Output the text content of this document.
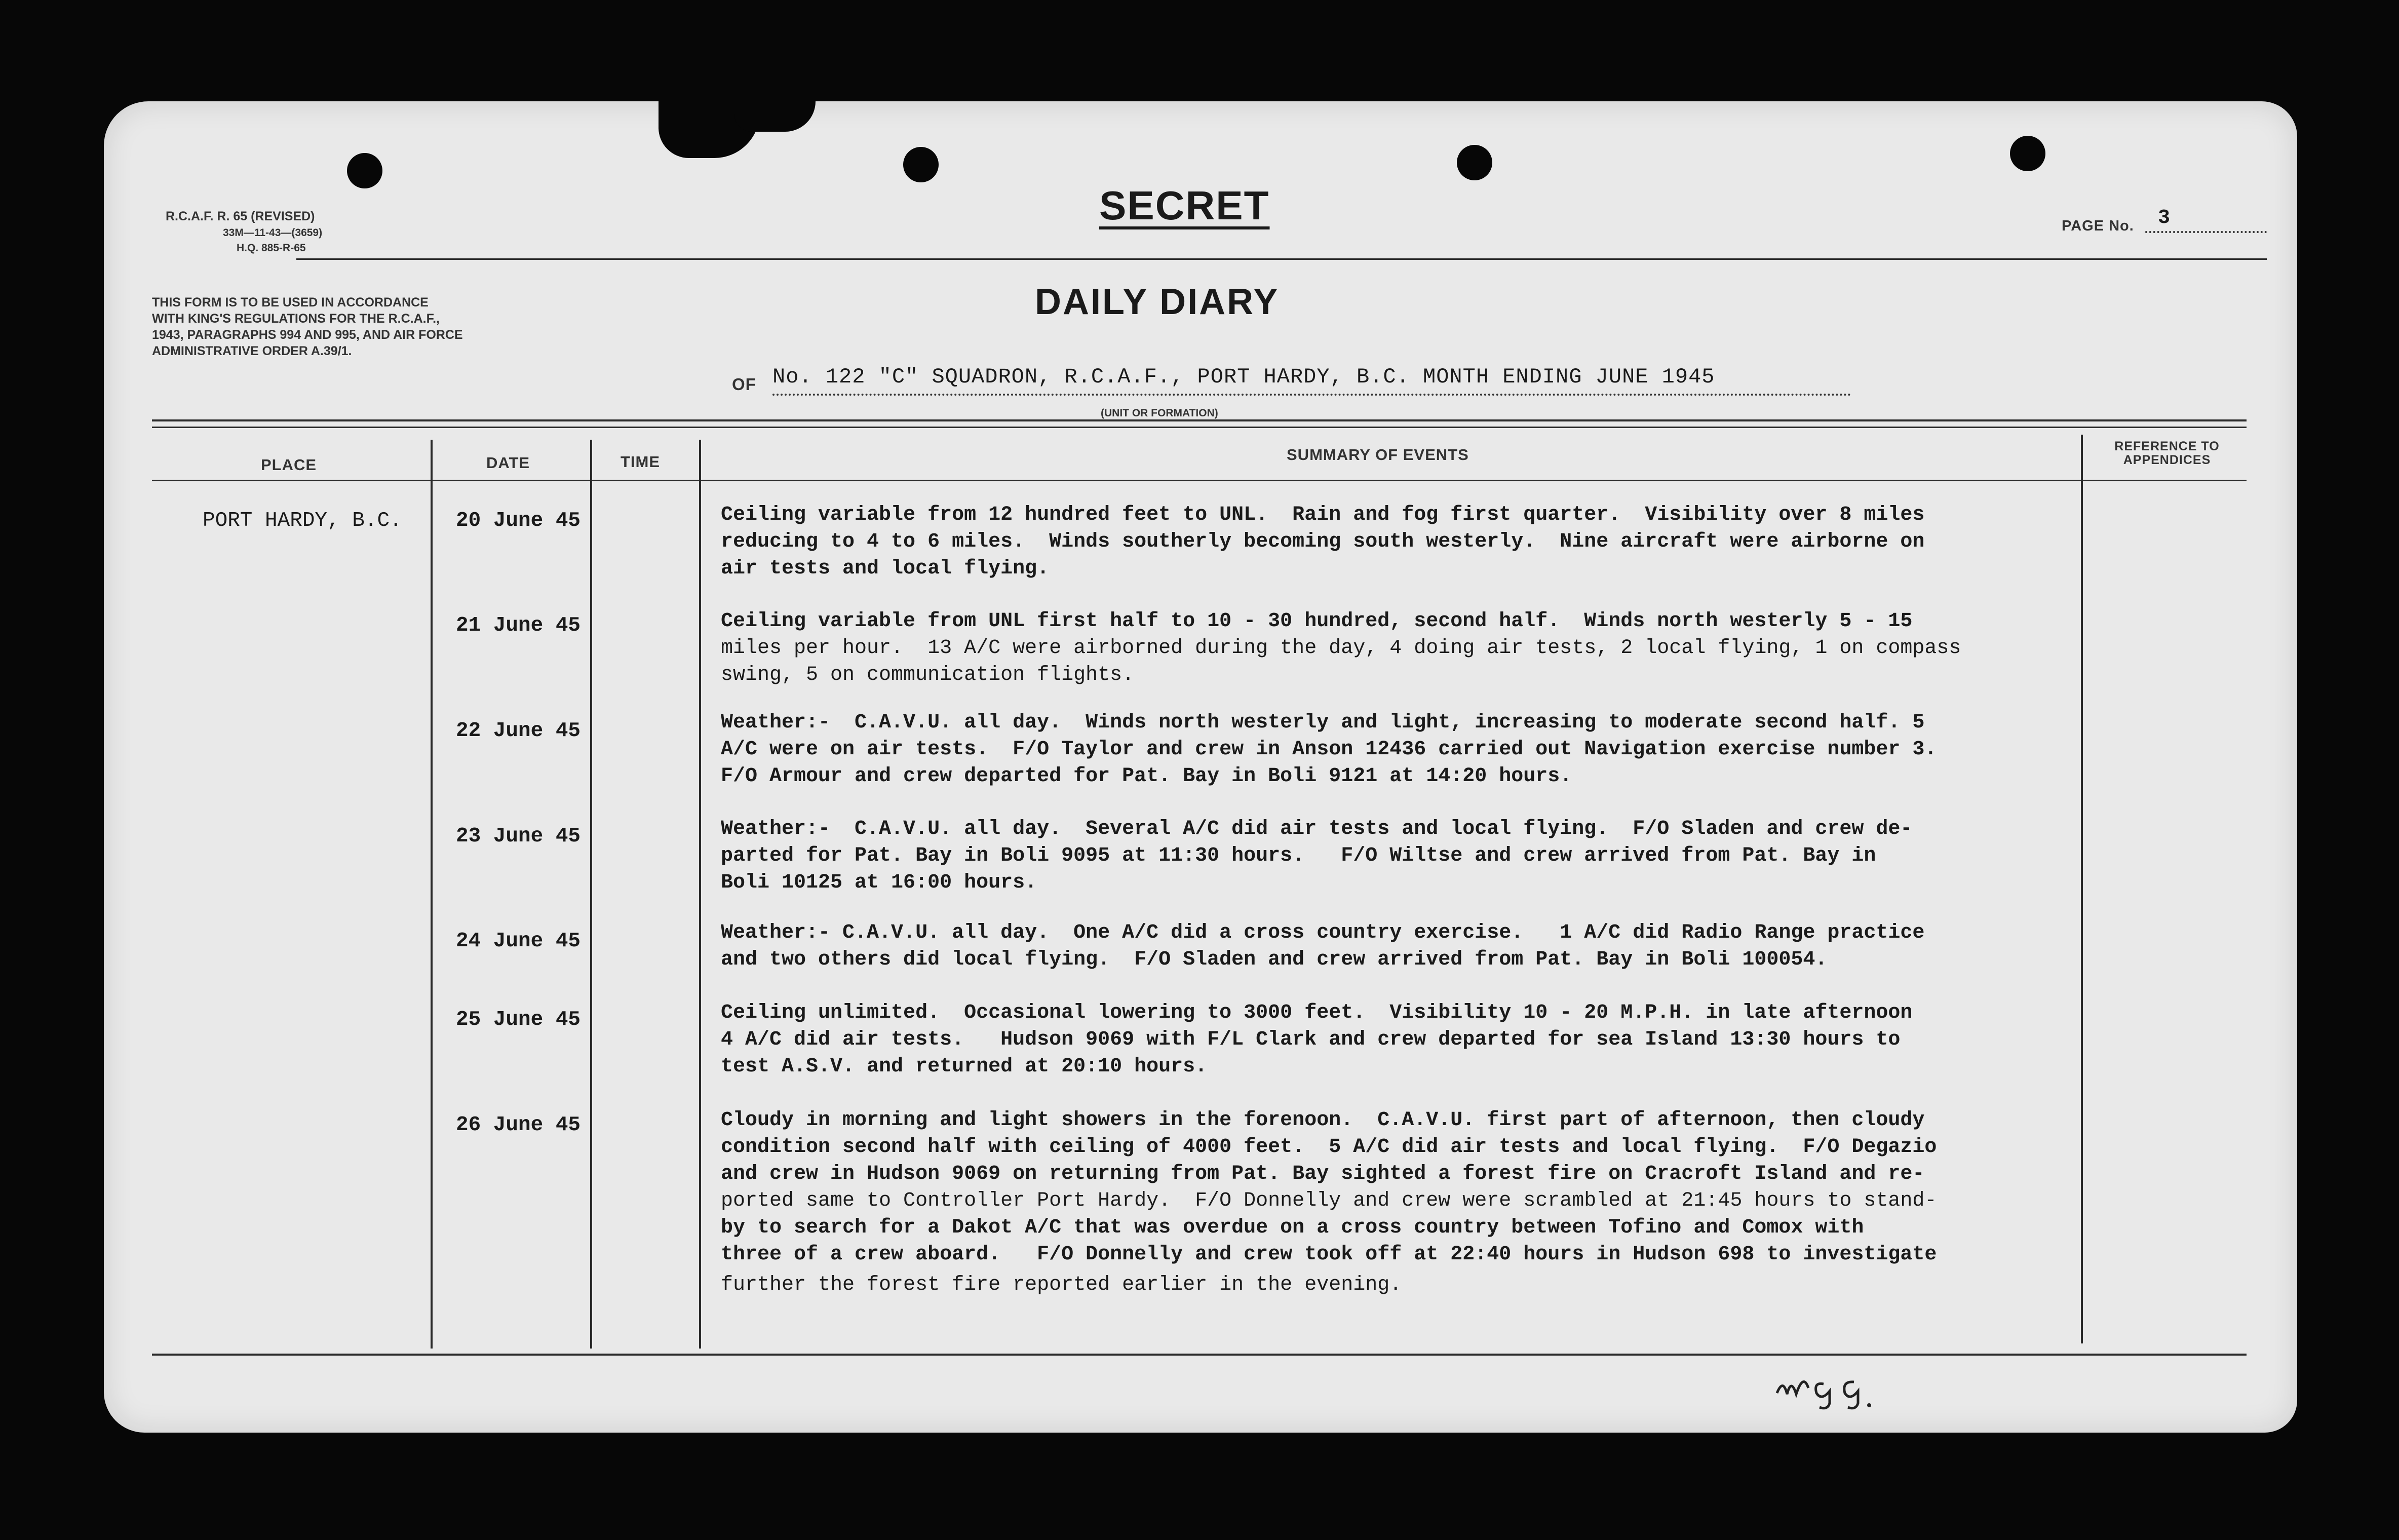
R.C.A.F. R. 65 (REVISED)
33M—11-43—(3659)
H.Q. 885-R-65
SECRET	PAGE No. 3
THIS FORM IS TO BE USED IN ACCORDANCE
WITH KING'S REGULATIONS FOR THE R.C.A.F.,
1943, PARAGRAPHS 994 AND 995, AND AIR FORCE
ADMINISTRATIVE ORDER A.39/1.
DAILY DIARY
OF No. 122 "C" SQUADRON, R.C.A.F., PORT HARDY, B.C. MONTH ENDING JUNE 1945
(UNIT OR FORMATION)
PLACE	DATE	TIME	SUMMARY OF EVENTS	REFERENCE TO APPENDICES
PORT HARDY, B.C.	20 June 45	Ceiling variable from 12 hundred feet to UNL.  Rain and fog first quarter.  Visibility over 8 miles
reducing to 4 to 6 miles.  Winds southerly becoming south westerly.  Nine aircraft were airborne on
air tests and local flying.
21 June 45	Ceiling variable from UNL first half to 10 - 30 hundred, second half.  Winds north westerly 5 - 15
miles per hour.  13 A/C were airborned during the day, 4 doing air tests, 2 local flying, 1 on compass
swing, 5 on communication flights.
22 June 45	Weather:-  C.A.V.U. all day.  Winds north westerly and light, increasing to moderate second half. 5
A/C were on air tests.  F/O Taylor and crew in Anson 12436 carried out Navigation exercise number 3.
F/O Armour and crew departed for Pat. Bay in Boli 9121 at 14:20 hours.
23 June 45	Weather:-  C.A.V.U. all day.  Several A/C did air tests and local flying.  F/O Sladen and crew de-
parted for Pat. Bay in Boli 9095 at 11:30 hours.   F/O Wiltse and crew arrived from Pat. Bay in
Boli 10125 at 16:00 hours.
24 June 45	Weather:- C.A.V.U. all day.  One A/C did a cross country exercise.   1 A/C did Radio Range practice
and two others did local flying.  F/O Sladen and crew arrived from Pat. Bay in Boli 100054.
25 June 45	Ceiling unlimited.  Occasional lowering to 3000 feet.  Visibility 10 - 20 M.P.H. in late afternoon
4 A/C did air tests.   Hudson 9069 with F/L Clark and crew departed for sea Island 13:30 hours to
test A.S.V. and returned at 20:10 hours.
26 June 45	Cloudy in morning and light showers in the forenoon.  C.A.V.U. first part of afternoon, then cloudy
condition second half with ceiling of 4000 feet.  5 A/C did air tests and local flying.  F/O Degazio
and crew in Hudson 9069 on returning from Pat. Bay sighted a forest fire on Cracroft Island and re-
ported same to Controller Port Hardy.  F/O Donnelly and crew were scrambled at 21:45 hours to stand-
by to search for a Dakot A/C that was overdue on a cross country between Tofino and Comox with
three of a crew aboard.   F/O Donnelly and crew took off at 22:40 hours in Hudson 698 to investigate
further the forest fire reported earlier in the evening.
